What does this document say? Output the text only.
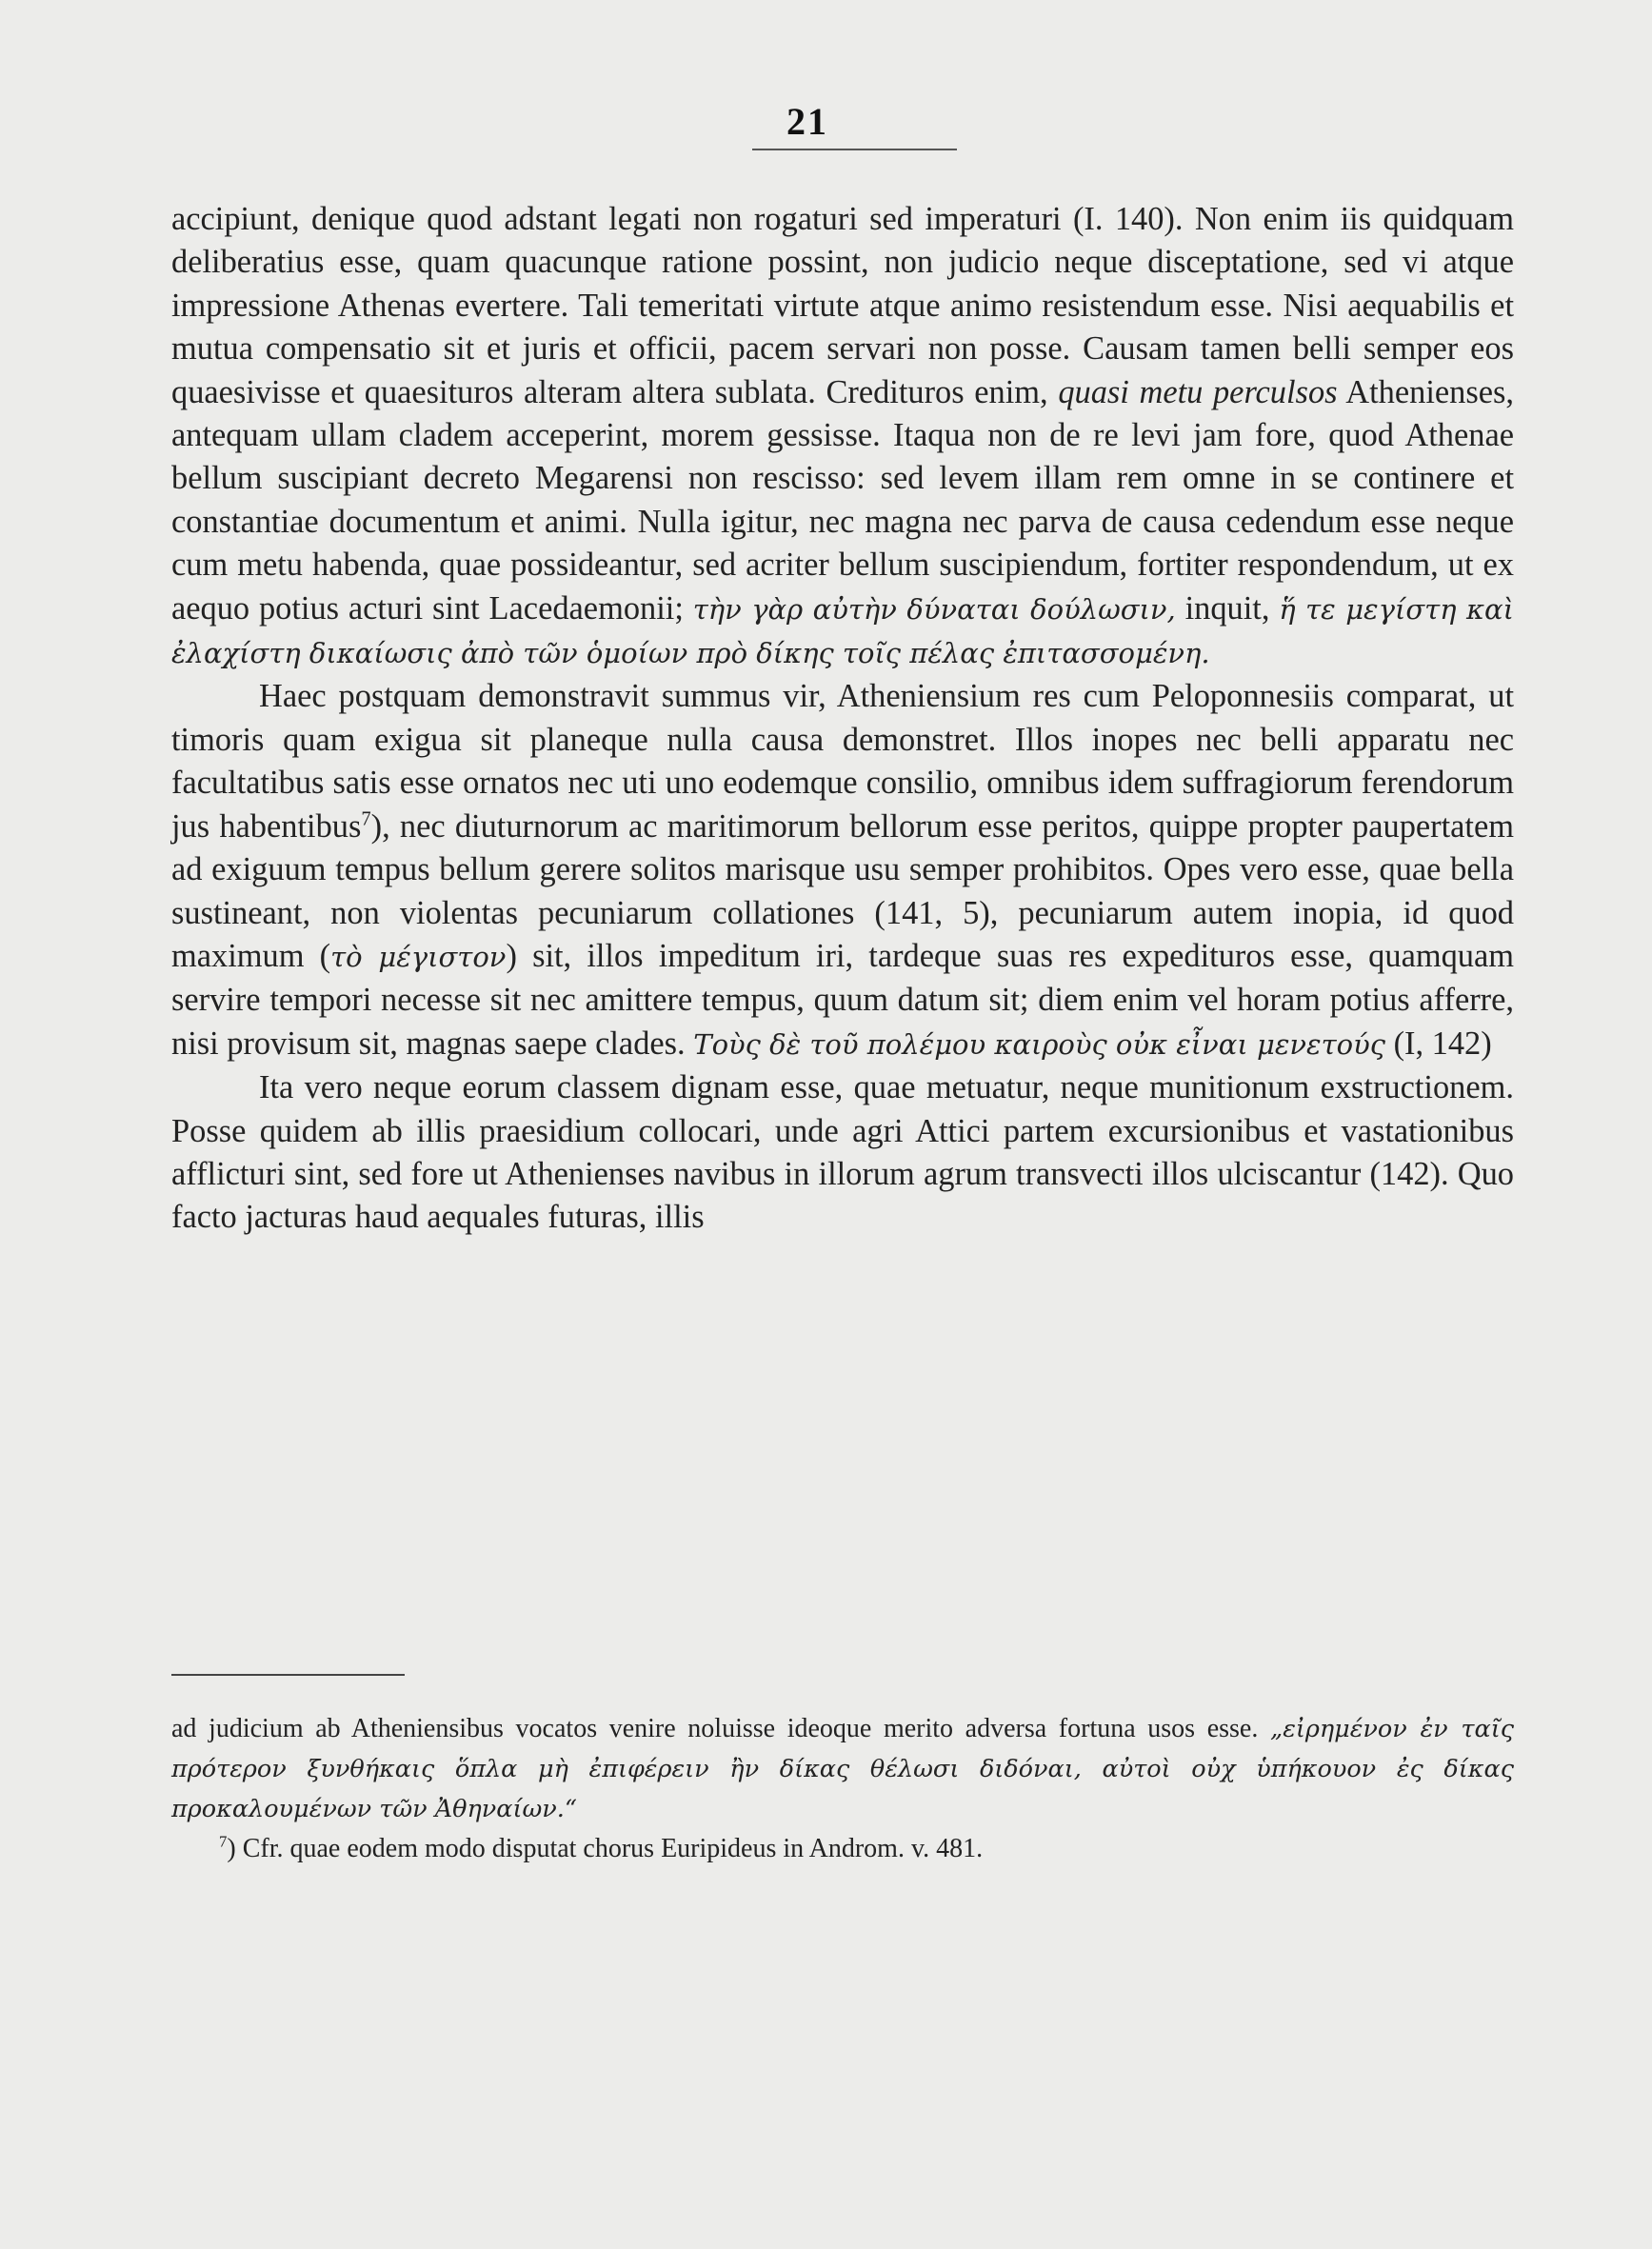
21

accipiunt, denique quod adstant legati non rogaturi sed imperaturi (I. 140). Non enim iis quidquam deliberatius esse, quam quacunque ratione possint, non judicio neque disceptatione, sed vi atque impressione Athenas evertere. Tali temeritati virtute atque animo resistendum esse. Nisi aequabilis et mutua compensatio sit et juris et officii, pacem servari non posse. Causam tamen belli semper eos quaesivisse et quaesituros alteram altera sublata. Credituros enim, quasi metu perculsos Athenienses, antequam ullam cladem acceperint, morem gessisse. Itaqua non de re levi jam fore, quod Athenae bellum suscipiant decreto Megarensi non rescisso: sed levem illam rem omne in se continere et constantiae documentum et animi. Nulla igitur, nec magna nec parva de causa cedendum esse neque cum metu habenda, quae possideantur, sed acriter bellum suscipiendum, fortiter respondendum, ut ex aequo potius acturi sint Lacedaemonii; τὴν γὰρ αὐτὴν δύναται δούλωσιν, inquit, ἥ τε μεγίστη καὶ ἐλαχίστη δικαίωσις ἀπὸ τῶν ὁμοίων πρὸ δίκης τοῖς πέλας ἐπιτασσομένη.

Haec postquam demonstravit summus vir, Atheniensium res cum Peloponnesiis comparat, ut timoris quam exigua sit planeque nulla causa demonstret. Illos inopes nec belli apparatu nec facultatibus satis esse ornatos nec uti uno eodemque consilio, omnibus idem suffragiorum ferendorum jus habentibus$^7$), nec diuturnorum ac maritimorum bellorum esse peritos, quippe propter paupertatem ad exiguum tempus bellum gerere solitos marisque usu semper prohibitos. Opes vero esse, quae bella sustineant, non violentas pecuniarum collationes (141, 5), pecuniarum autem inopia, id quod maximum (τὸ μέγιστον) sit, illos impeditum iri, tardeque suas res expedituros esse, quamquam servire tempori necesse sit nec amittere tempus, quum datum sit; diem enim vel horam potius afferre, nisi provisum sit, magnas saepe clades. Τοὺς δὲ τοῦ πολέμου καιροὺς οὐκ εἶναι μενετούς (I, 142)

Ita vero neque eorum classem dignam esse, quae metuatur, neque munitionum exstructionem. Posse quidem ab illis praesidium collocari, unde agri Attici partem excursionibus et vastationibus afflicturi sint, sed fore ut Athenienses navibus in illorum agrum transvecti illos ulciscantur (142). Quo facto jacturas haud aequales futuras, illis

ad judicium ab Atheniensibus vocatos venire noluisse ideoque merito adversa fortuna usos esse. „εἰρημένον ἐν ταῖς πρότερον ξυνθήκαις ὅπλα μὴ ἐπιφέρειν ἢν δίκας θέλωσι διδόναι, αὐτοὶ οὐχ ὑπήκουον ἐς δίκας προκαλουμένων τῶν Ἀθηναίων.“

$^7$) Cfr. quae eodem modo disputat chorus Euripideus in Androm. v. 481.
